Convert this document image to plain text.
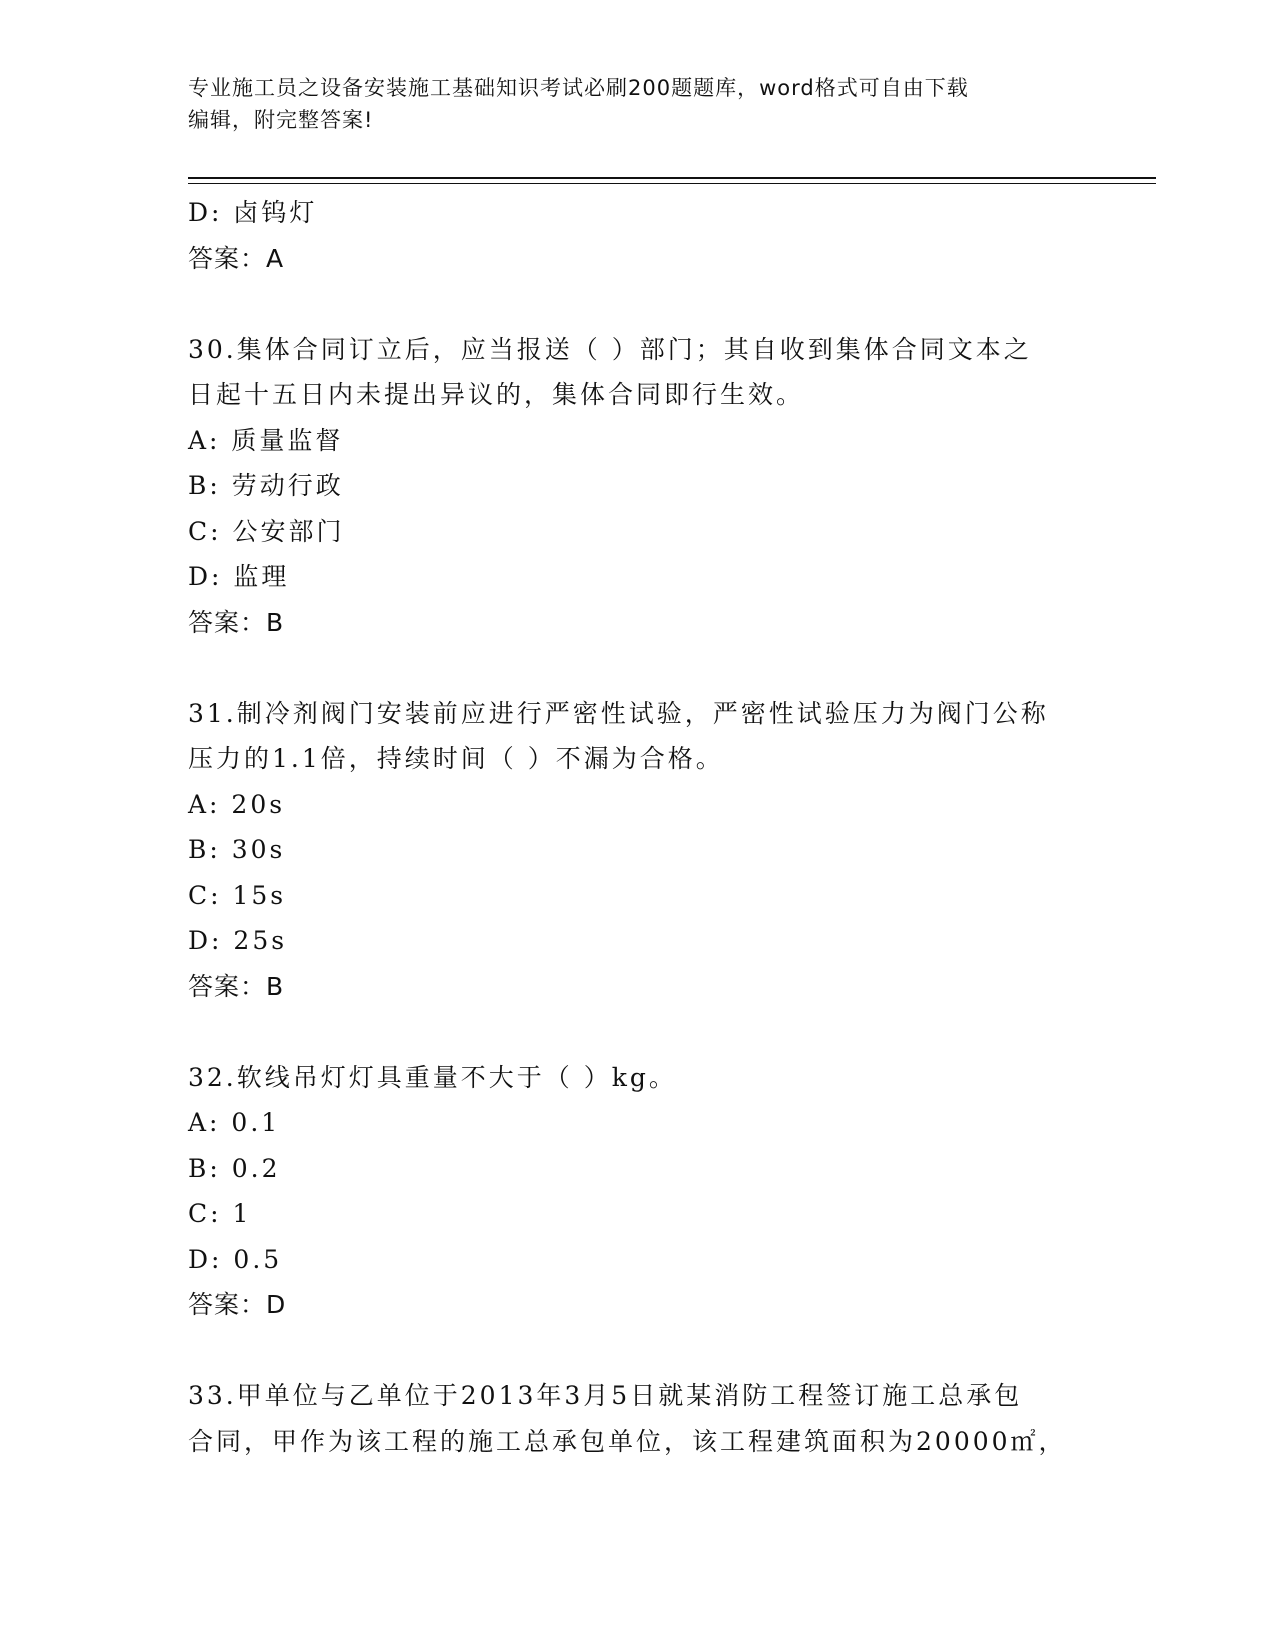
专业施工员之设备安装施工基础知识考试必刷200题题库，word格式可自由下载
编辑，附完整答案!
D: 卤钨灯
答案：A
30.集体合同订立后，应当报送（ ）部门；其自收到集体合同文本之
日起十五日内未提出异议的，集体合同即行生效。
A: 质量监督
B: 劳动行政
C: 公安部门
D: 监理
答案：B
31.制冷剂阀门安装前应进行严密性试验，严密性试验压力为阀门公称
压力的1.1倍，持续时间（ ）不漏为合格。
A: 20s
B: 30s
C: 15s
D: 25s
答案：B
32.软线吊灯灯具重量不大于（ ）kg。
A: 0.1
B: 0.2
C: 1
D: 0.5
答案：D
33.甲单位与乙单位于2013年3月5日就某消防工程签订施工总承包
合同，甲作为该工程的施工总承包单位，该工程建筑面积为20000㎡，
